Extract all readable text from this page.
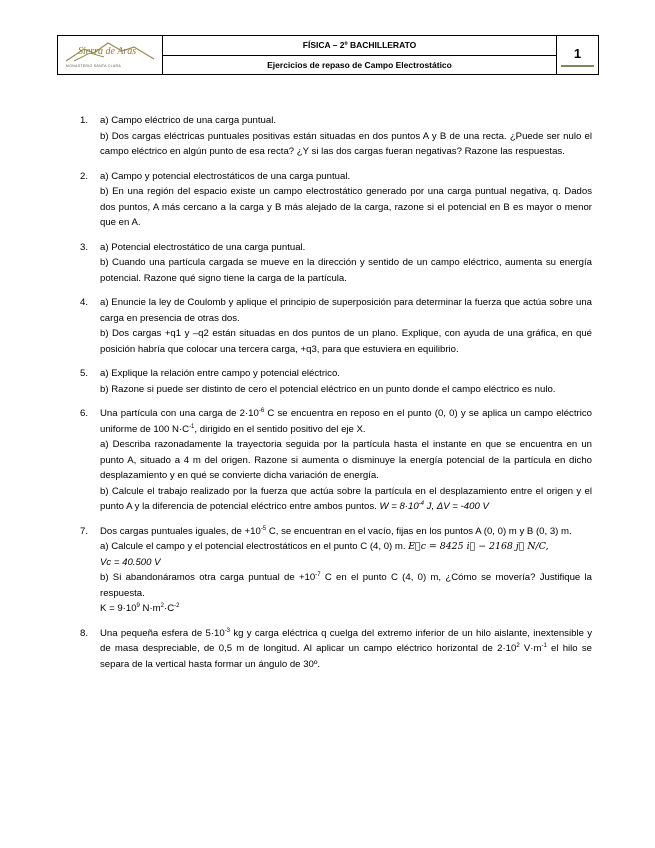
Sierra de Aras
MONASTERIO SANTA CLARA
FÍSICA – 2º BACHILLERATO
Ejercicios de repaso de Campo Electrostático
1
1. a) Campo eléctrico de una carga puntual.

b) Dos cargas eléctricas puntuales positivas están situadas en dos puntos A y B de una recta. ¿Puede ser nulo el campo eléctrico en algún punto de esa recta? ¿Y si las dos cargas fueran negativas? Razone las respuestas.

2. a) Campo y potencial electrostáticos de una carga puntual.

b) En una región del espacio existe un campo electrostático generado por una carga puntual negativa, q. Dados dos puntos, A más cercano a la carga y B más alejado de la carga, razone si el potencial en B es mayor o menor que en A.

3. a) Potencial electrostático de una carga puntual.

b) Cuando una partícula cargada se mueve en la dirección y sentido de un campo eléctrico, aumenta su energía potencial. Razone qué signo tiene la carga de la partícula.

4. a) Enuncie la ley de Coulomb y aplique el principio de superposición para determinar la fuerza que actúa sobre una carga en presencia de otras dos.

b) Dos cargas +q1 y –q2 están situadas en dos puntos de un plano. Explique, con ayuda de una gráfica, en qué posición habría que colocar una tercera carga, +q3, para que estuviera en equilibrio.

5. a) Explique la relación entre campo y potencial eléctrico.

b) Razone si puede ser distinto de cero el potencial eléctrico en un punto donde el campo eléctrico es nulo.

6. Una partícula con una carga de $2\cdot 10^{-6}$ C se encuentra en reposo en el punto (0, 0) y se aplica un campo eléctrico uniforme de 100 $N\cdot C^{-1}$, dirigido en el sentido positivo del eje X.

a) Describa razonadamente la trayectoria seguida por la partícula hasta el instante en que se encuentra en un punto A, situado a 4 m del origen. Razone si aumenta o disminuye la energía potencial de la partícula en dicho desplazamiento y en qué se convierte dicha variación de energía.

b) Calcule el trabajo realizado por la fuerza que actúa sobre la partícula en el desplazamiento entre el origen y el punto A y la diferencia de potencial eléctrico entre ambos puntos. $W = 8\cdot 10^{-4}$ J, ΔV = -400 V

7. Dos cargas puntuales iguales, de $+10^{-5}$ C, se encuentran en el vacío, fijas en los puntos A (0, 0) m y B (0, 3) m.

a) Calcule el campo y el potencial electrostáticos en el punto C (4, 0) m. E⃗c = 8425 i⃗ − 2168 j⃗ N/C,
Vc = 40.500 V

b) Si abandonáramos otra carga puntual de $+10^{-7}$ C en el punto C (4, 0) m, ¿Cómo se movería? Justifique la respuesta.

$K = 9\cdot 10^9$ $N\cdot m^2\cdot C^{-2}$

8. Una pequeña esfera de $5\cdot 10^{-3}$ kg y carga eléctrica q cuelga del extremo inferior de un hilo aislante, inextensible y de masa despreciable, de 0,5 m de longitud. Al aplicar un campo eléctrico horizontal de $2\cdot 10^2$ $V\cdot m^{-1}$ el hilo se separa de la vertical hasta formar un ángulo de 30º.
